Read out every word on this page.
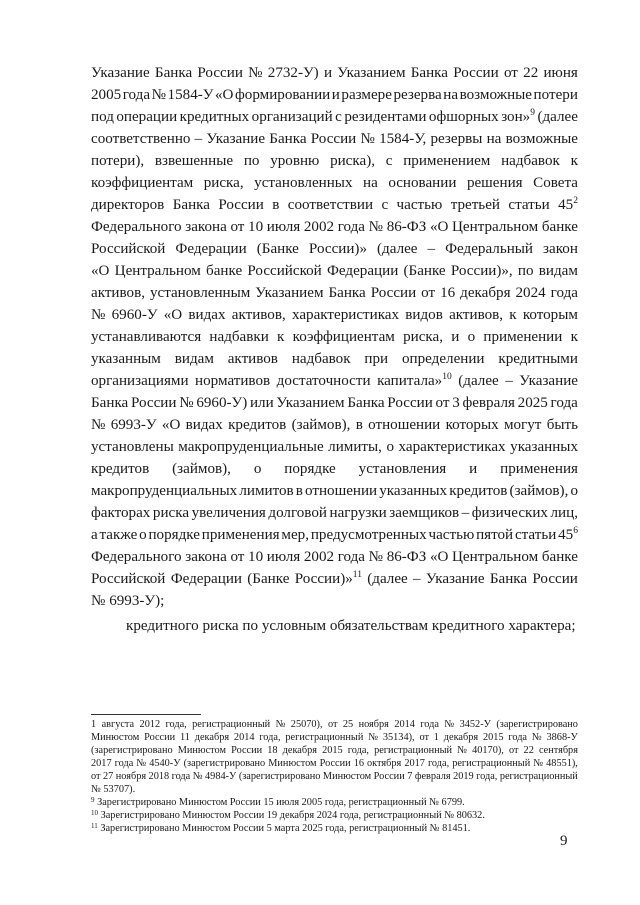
Указание Банка России № 2732-У) и Указанием Банка России от 22 июня
2005 года № 1584-У «О формировании и размере резерва на возможные потери
под операции кредитных организаций с резидентами офшорных зон»$^9$ (далее
соответственно – Указание Банка России № 1584-У, резервы на возможные
потери), взвешенные по уровню риска), с применением надбавок к
коэффициентам риска, установленных на основании решения Совета
директоров Банка России в соответствии с частью третьей статьи $45^2$
Федерального закона от 10 июля 2002 года № 86-ФЗ «О Центральном банке
Российской Федерации (Банке России)» (далее – Федеральный закон
«О Центральном банке Российской Федерации (Банке России)», по видам
активов, установленным Указанием Банка России от 16 декабря 2024 года
№ 6960-У «О видах активов, характеристиках видов активов, к которым
устанавливаются надбавки к коэффициентам риска, и о применении к
указанным видам активов надбавок при определении кредитными
организациями нормативов достаточности капитала»$^{10}$ (далее – Указание
Банка России № 6960-У) или Указанием Банка России от 3 февраля 2025 года
№ 6993-У «О видах кредитов (займов), в отношении которых могут быть
установлены макропруденциальные лимиты, о характеристиках указанных
кредитов (займов), о порядке установления и применения
макропруденциальных лимитов в отношении указанных кредитов (займов), о
факторах риска увеличения долговой нагрузки заемщиков – физических лиц,
а также о порядке применения мер, предусмотренных частью пятой статьи $45^6$
Федерального закона от 10 июля 2002 года № 86-ФЗ «О Центральном банке
Российской Федерации (Банке России)»$^{11}$ (далее – Указание Банка России
№ 6993-У);
кредитного риска по условным обязательствам кредитного характера;
1 августа 2012 года, регистрационный № 25070), от 25 ноября 2014 года № 3452-У (зарегистрировано
Минюстом России 11 декабря 2014 года, регистрационный № 35134), от 1 декабря 2015 года № 3868-У
(зарегистрировано Минюстом России 18 декабря 2015 года, регистрационный № 40170), от 22 сентября
2017 года № 4540-У (зарегистрировано Минюстом России 16 октября 2017 года, регистрационный № 48551),
от 27 ноября 2018 года № 4984-У (зарегистрировано Минюстом России 7 февраля 2019 года, регистрационный
№ 53707).
$^9$ Зарегистрировано Минюстом России 15 июля 2005 года, регистрационный № 6799.
$^{10}$ Зарегистрировано Минюстом России 19 декабря 2024 года, регистрационный № 80632.
$^{11}$ Зарегистрировано Минюстом России 5 марта 2025 года, регистрационный № 81451.
9
